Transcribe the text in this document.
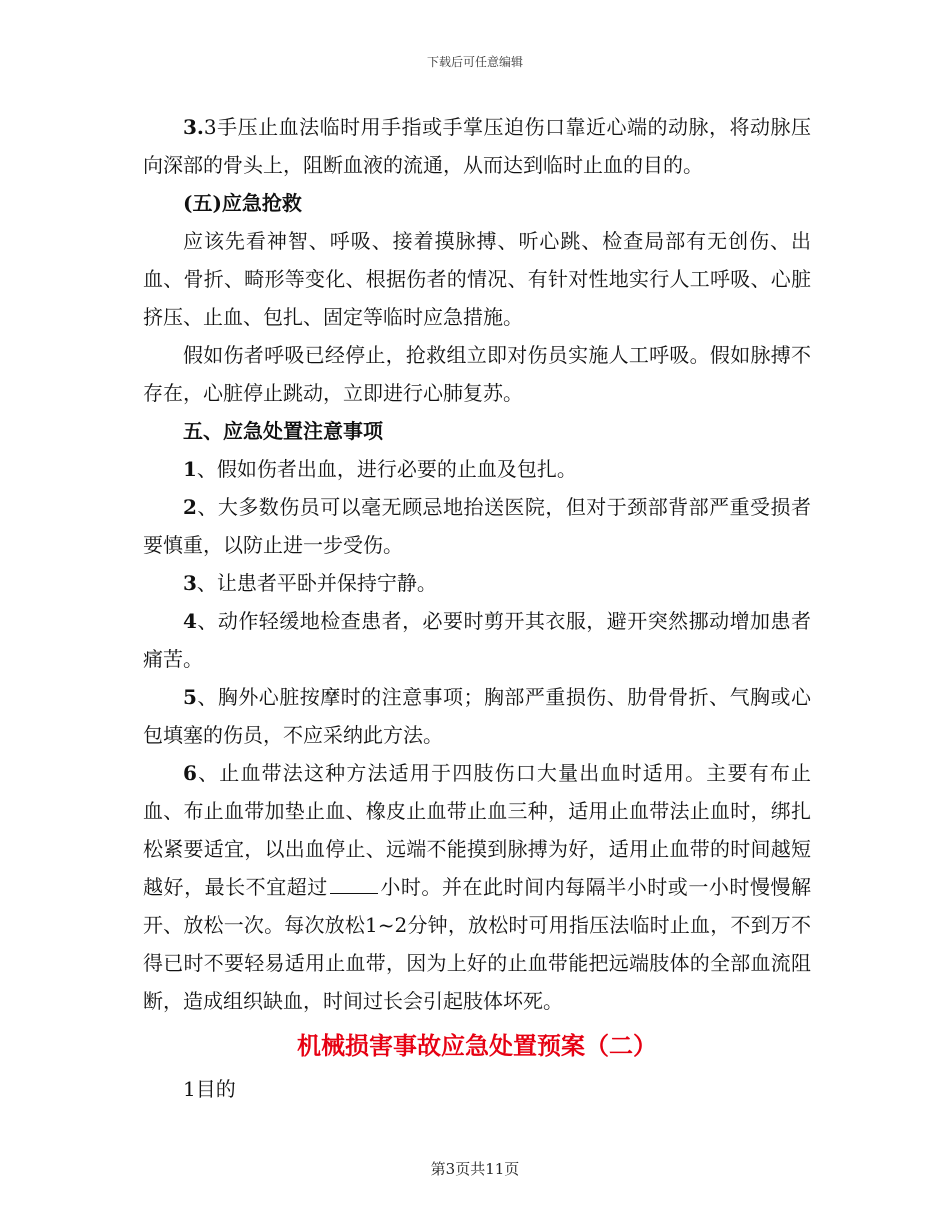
下载后可任意编辑

3.3手压止血法临时用手指或手掌压迫伤口靠近心端的动脉，将动脉压向深部的骨头上，阻断血液的流通，从而达到临时止血的目的。

(五)应急抢救

应该先看神智、呼吸、接着摸脉搏、听心跳、检查局部有无创伤、出血、骨折、畸形等变化、根据伤者的情况、有针对性地实行人工呼吸、心脏挤压、止血、包扎、固定等临时应急措施。

假如伤者呼吸已经停止，抢救组立即对伤员实施人工呼吸。假如脉搏不存在，心脏停止跳动，立即进行心肺复苏。

五、应急处置注意事项

1、假如伤者出血，进行必要的止血及包扎。

2、大多数伤员可以毫无顾忌地抬送医院，但对于颈部背部严重受损者要慎重，以防止进一步受伤。

3、让患者平卧并保持宁静。

4、动作轻缓地检查患者，必要时剪开其衣服，避开突然挪动增加患者痛苦。

5、胸外心脏按摩时的注意事项；胸部严重损伤、肋骨骨折、气胸或心包填塞的伤员，不应采纳此方法。

6、止血带法这种方法适用于四肢伤口大量出血时适用。主要有布止血、布止血带加垫止血、橡皮止血带止血三种，适用止血带法止血时，绑扎松紧要适宜，以出血停止、远端不能摸到脉搏为好，适用止血带的时间越短越好，最长不宜超过	小时。并在此时间内每隔半小时或一小时慢慢解开、放松一次。每次放松1~2分钟，放松时可用指压法临时止血，不到万不得已时不要轻易适用止血带，因为上好的止血带能把远端肢体的全部血流阻断，造成组织缺血，时间过长会引起肢体坏死。

机械损害事故应急处置预案（二）

1目的

第3页共11页
